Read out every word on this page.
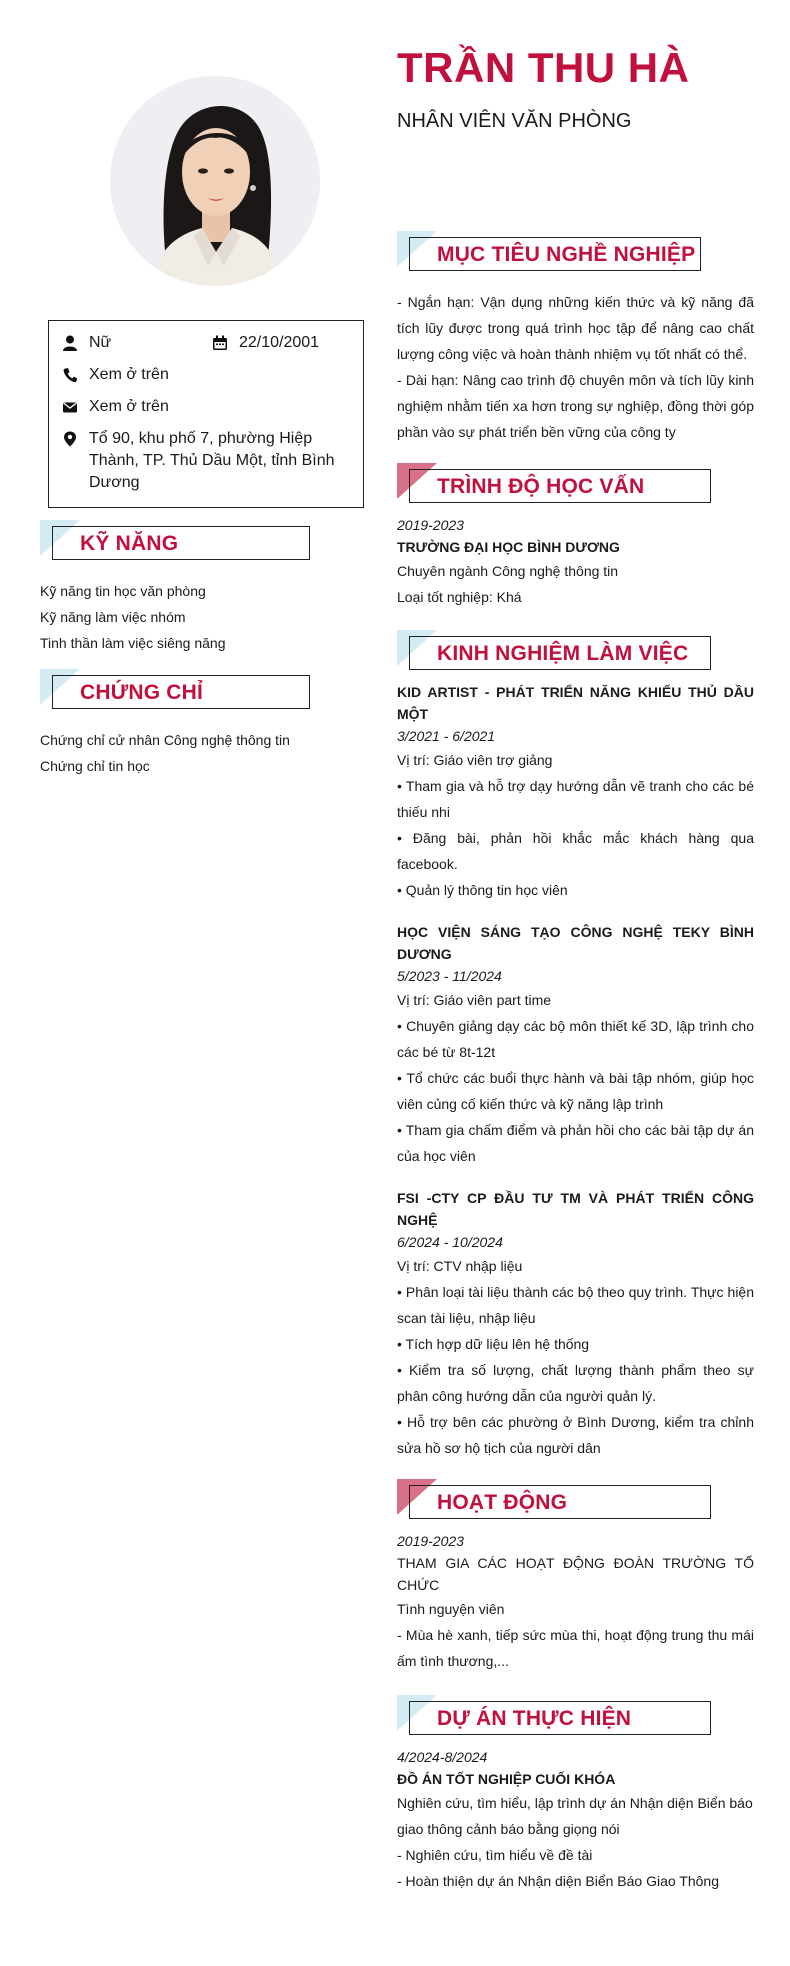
Nữ	22/10/2001
Xem ở trên
Xem ở trên
Tổ 90, khu phố 7, phường Hiệp Thành, TP. Thủ Dầu Một, tỉnh Bình Dương
KỸ NĂNG
Kỹ năng tin học văn phòng
Kỹ năng làm việc nhóm
Tinh thần làm việc siêng năng
CHỨNG CHỈ
Chứng chỉ cử nhân Công nghệ thông tin
Chứng chỉ tin học
TRẦN THU HÀ
NHÂN VIÊN VĂN PHÒNG
MỤC TIÊU NGHỀ NGHIỆP
- Ngắn hạn: Vận dụng những kiến thức và kỹ năng đã tích lũy được trong quá trình học tập để nâng cao chất lượng công việc và hoàn thành nhiệm vụ tốt nhất có thể.
- Dài hạn: Nâng cao trình độ chuyên môn và tích lũy kinh nghiệm nhằm tiến xa hơn trong sự nghiệp, đồng thời góp phần vào sự phát triển bền vững của công ty
TRÌNH ĐỘ HỌC VẤN
2019-2023
TRƯỜNG ĐẠI HỌC BÌNH DƯƠNG
Chuyên ngành Công nghệ thông tin
Loại tốt nghiệp: Khá
KINH NGHIỆM LÀM VIỆC
KID ARTIST - PHÁT TRIỂN NĂNG KHIẾU THỦ DẦU MỘT
3/2021 - 6/2021
Vị trí: Giáo viên trợ giảng
• Tham gia và hỗ trợ dạy hướng dẫn vẽ tranh cho các bé thiếu nhi
• Đăng bài, phản hồi khắc mắc khách hàng qua facebook.
• Quản lý thông tin học viên
HỌC VIỆN SÁNG TẠO CÔNG NGHỆ TEKY BÌNH DƯƠNG
5/2023 - 11/2024
Vị trí: Giáo viên part time
• Chuyên giảng dạy các bộ môn thiết kế 3D, lập trình cho các bé từ 8t-12t
• Tổ chức các buổi thực hành và bài tập nhóm, giúp học viên củng cố kiến thức và kỹ năng lập trình
• Tham gia chấm điểm và phản hồi cho các bài tập dự án của học viên
FSI -CTY CP ĐẦU TƯ TM VÀ PHÁT TRIỂN CÔNG NGHỆ
6/2024 - 10/2024
Vị trí: CTV nhập liệu
• Phân loại tài liệu thành các bộ theo quy trình. Thực hiện scan tài liệu, nhập liệu
• Tích hợp dữ liệu lên hệ thống
• Kiểm tra số lượng, chất lượng thành phẩm theo sự phân công hướng dẫn của người quản lý.
• Hỗ trợ bên các phường ở Bình Dương, kiểm tra chỉnh sửa hồ sơ hộ tịch của người dân
HOẠT ĐỘNG
2019-2023
THAM GIA CÁC HOẠT ĐỘNG ĐOÀN TRƯỜNG TỔ CHỨC
Tình nguyện viên
- Mùa hè xanh, tiếp sức mùa thi, hoạt động trung thu mái ấm tình thương,...
DỰ ÁN THỰC HIỆN
4/2024-8/2024
ĐỒ ÁN TỐT NGHIỆP CUỐI KHÓA
Nghiên cứu, tìm hiểu, lập trình dự án Nhận diện Biển báo giao thông cảnh báo bằng giọng nói
- Nghiên cứu, tìm hiểu về đề tài
- Hoàn thiện dự án Nhận diện Biển Báo Giao Thông
